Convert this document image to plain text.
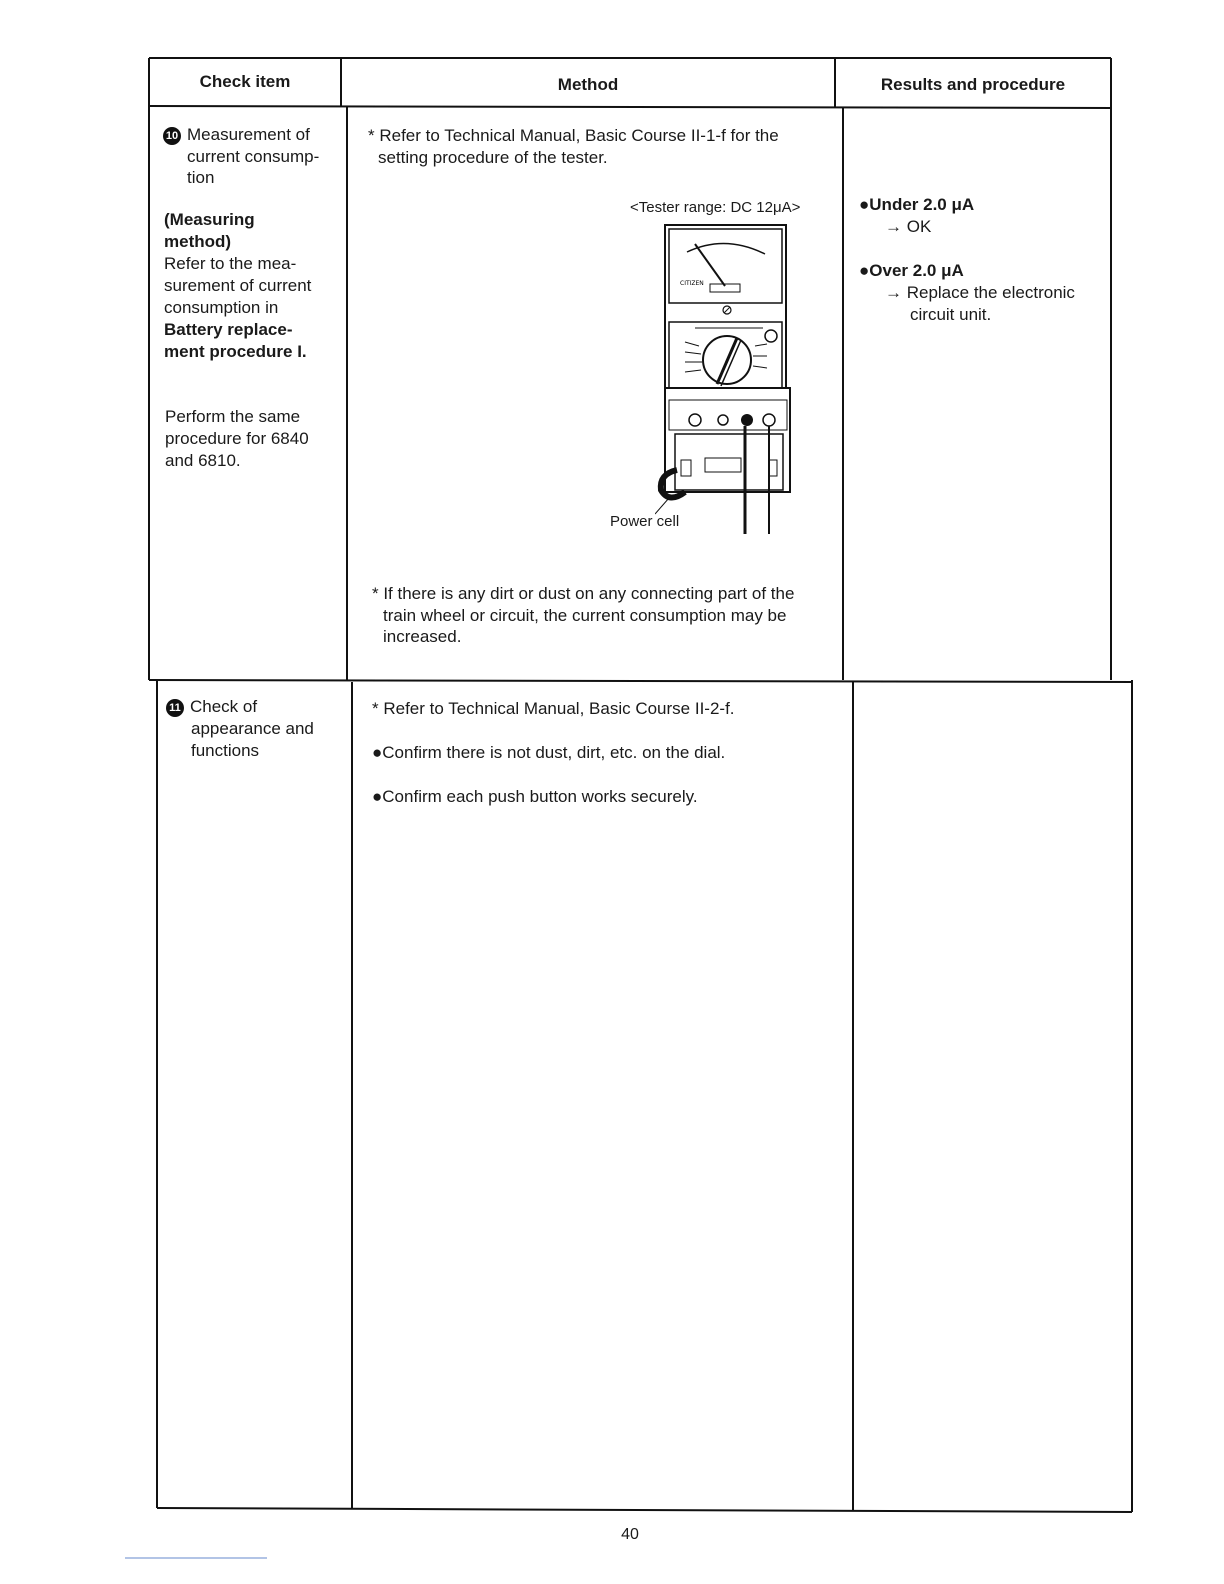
Check item	Method	Results and procedure
10 Measurement of
current consump-
tion
(Measuring
method)
Refer to the mea-
surement of current
consumption in
Battery replace-
ment procedure I.
Perform the same
procedure for 6840
and 6810.
* Refer to Technical Manual, Basic Course II-1-f for the
setting procedure of the tester.
<Tester range: DC 12μA>
CITIZEN
Power cell
* If there is any dirt or dust on any connecting part of the
train wheel or circuit, the current consumption may be
increased.
●Under 2.0 μA
→ OK
●Over 2.0 μA
→ Replace the electronic
circuit unit.
11 Check of
appearance and
functions
* Refer to Technical Manual, Basic Course II-2-f.
●Confirm there is not dust, dirt, etc. on the dial.
●Confirm each push button works securely.
40
